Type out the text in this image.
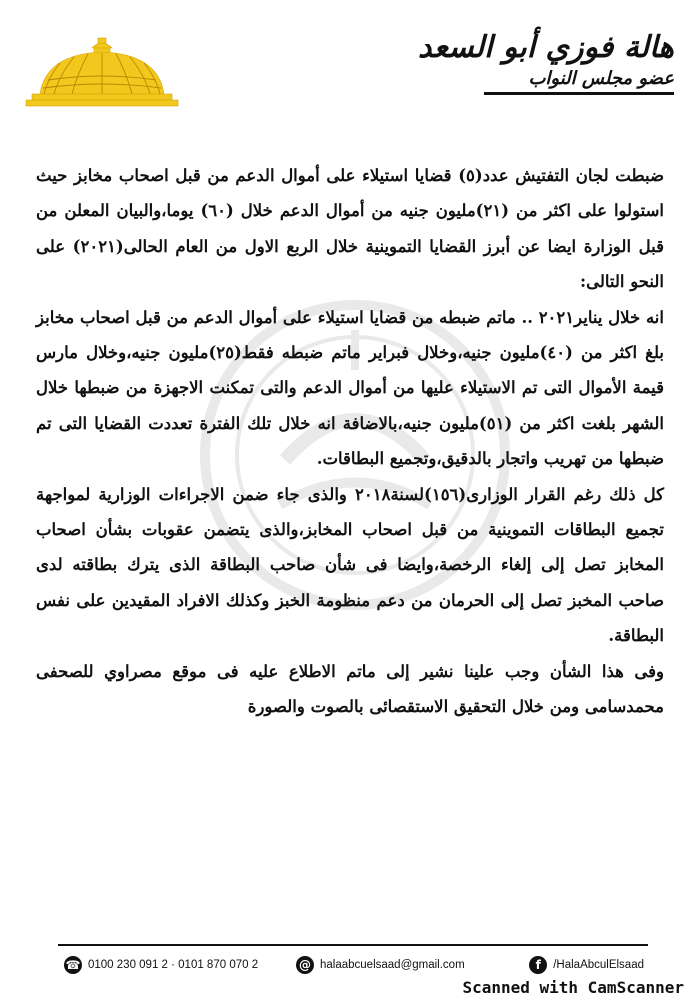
هالة فوزي أبو السعد
عضو مجلس النواب

ضبطت لجان التفتيش عدد(٥) قضايا استيلاء على أموال الدعم من قبل اصحاب مخابز حيث استولوا على اكثر من (٢١)مليون جنيه من أموال الدعم خلال (٦٠) يوما،والبيان المعلن من قبل الوزارة ايضا عن أبرز القضايا التموينية خلال الربع الاول من العام الحالى(٢٠٢١) على النحو التالى:

انه خلال يناير٢٠٢١ .. ماتم ضبطه من قضايا استيلاء على أموال الدعم من قبل اصحاب مخابز بلغ اكثر من (٤٠)مليون جنيه،وخلال فبراير ماتم ضبطه فقط(٢٥)مليون جنيه،وخلال مارس قيمة الأموال التى تم الاستيلاء عليها من أموال الدعم والتى تمكنت الاجهزة من ضبطها خلال الشهر بلغت اكثر من (٥١)مليون جنيه،بالاضافة انه خلال تلك الفترة تعددت القضايا التى تم ضبطها من تهريب واتجار بالدقيق،وتجميع البطاقات.

كل ذلك رغم القرار الوزارى(١٥٦)لسنة٢٠١٨ والذى جاء ضمن الاجراءات الوزارية لمواجهة تجميع البطاقات التموينية من قبل اصحاب المخابز،والذى يتضمن عقوبات بشأن اصحاب المخابز تصل إلى إلغاء الرخصة،وايضا فى شأن صاحب البطاقة الذى يترك بطاقته لدى صاحب المخبز تصل إلى الحرمان من دعم منظومة الخبز وكذلك الافراد المقيدين على نفس البطاقة.

وفى هذا الشأن وجب علينا نشير إلى ماتم الاطلاع عليه فى موقع مصراوي للصحفى محمدسامى ومن خلال التحقيق الاستقصائى بالصوت والصورة

☎ 0100 230 091 2 · 0101 870 070 2	@ halaabcuelsaad@gmail.com	f	/HalaAbculElsaad
Scanned with CamScanner
